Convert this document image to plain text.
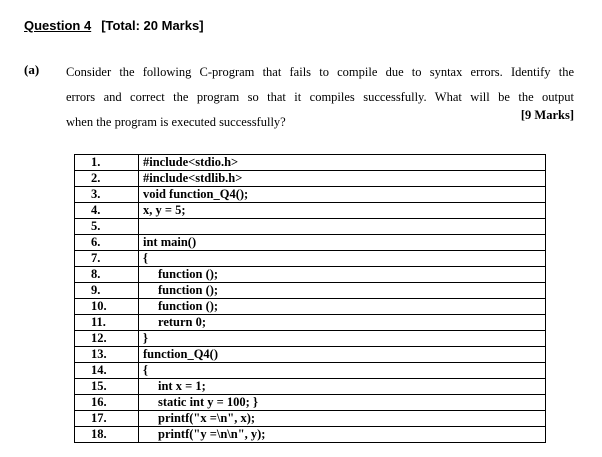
Question 4 [Total: 20 Marks]
(a) Consider the following C-program that fails to compile due to syntax errors. Identify the
errors and correct the program so that it compiles successfully. What will be the output
when the program is executed successfully?	[9 Marks]
1.	#include<stdio.h>
2.	#include<stdlib.h>
3.	void function_Q4();
4.	x, y = 5;
5.	
6.	int main()
7.	{
8.	function ();
9.	function ();
10.	function ();
11.	return 0;
12.	}
13.	function_Q4()
14.	{
15.	int x = 1;
16.	static int y = 100; }
17.	printf("x =\n", x);
18.	printf("y =\n\n", y);
